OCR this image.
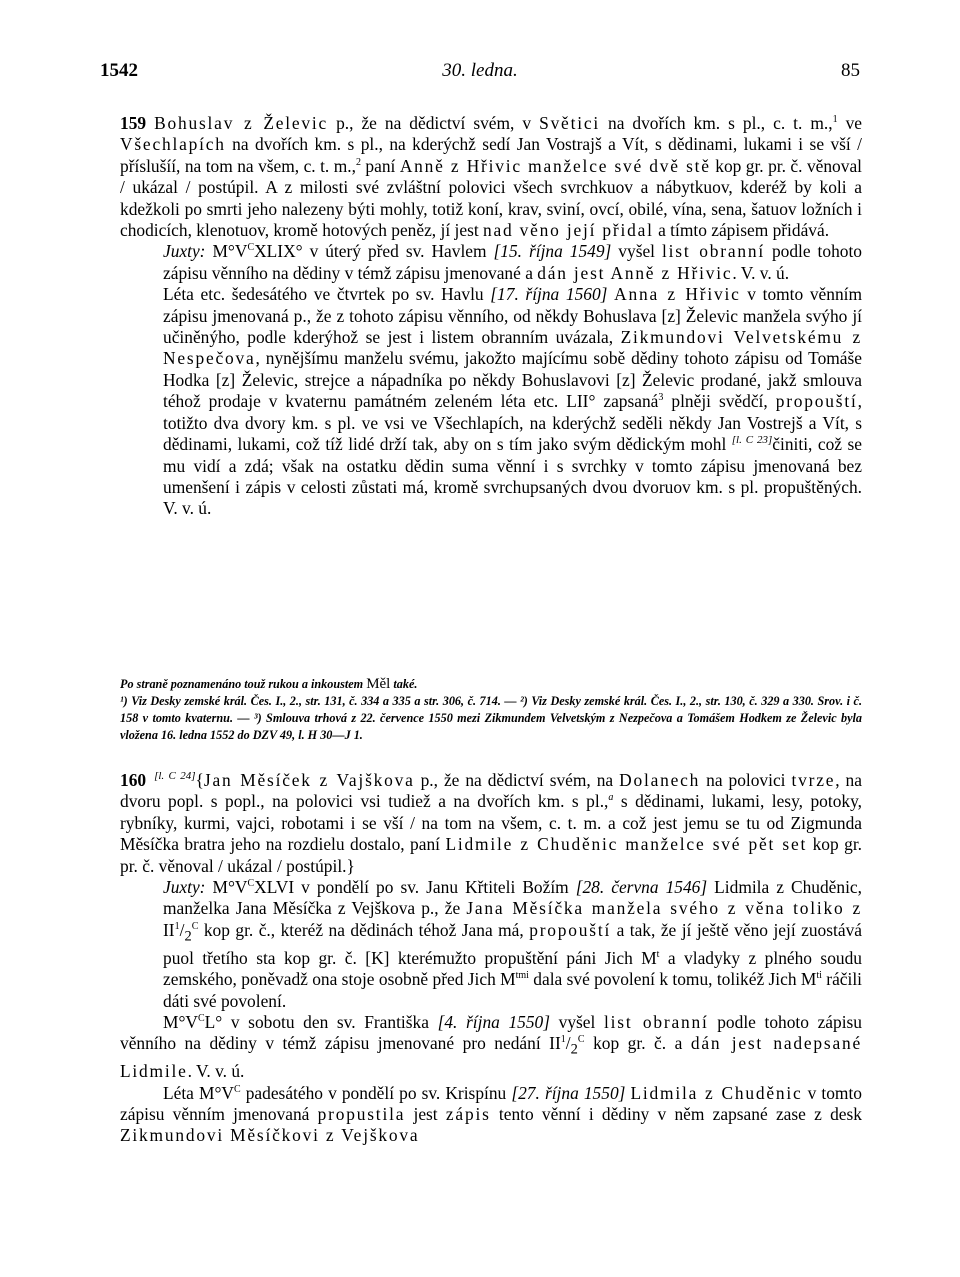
1542	30. ledna.	85

159 Bohuslav z Želevic p., že na dědictví svém, v Světici na dvořích km. s pl., c. t. m.,$^1$ ve Všechlapích na dvořích km. s pl., na kderýchž sedí Jan Vostrajš a Vít, s dědinami, lukami i se vší / příslušíí, na tom na všem, c. t. m.,$^2$ paní Anně z Hřivic manželce své dvě stě kop gr. pr. č. věnoval / ukázal / postúpil. A z milosti své zvláštní polovici všech svrchkuov a nábytkuov, kderéž by koli a kdežkoli po smrti jeho nalezeny býti mohly, totiž koní, krav, sviní, ovcí, obilé, vína, sena, šatuov ložních i chodicích, klenotuov, kromě hotových peněz, jí jest nad věno její přidal a tímto zápisem přidává.

Juxty: $M^\circ V^CXLIX^\circ$ v úterý před sv. Havlem [15. října 1549] vyšel list obranní podle tohoto zápisu věnního na dědiny v témž zápisu jmenované a dán jest Anně z Hřivic. V. v. ú.

Léta etc. šedesátého ve čtvrtek po sv. Havlu [17. října 1560] Anna z Hřivic v tomto věnním zápisu jmenovaná p., že z tohoto zápisu věnního, od někdy Bohuslava [z] Želevic manžela svýho jí učiněnýho, podle kderýhož se jest i listem obranním uvázala, Zikmundovi Velvetskému z Nespečova, nynějšímu manželu svému, jakožto majícímu sobě dědiny tohoto zápisu od Tomáše Hodka [z] Želevic, strejce a nápadníka po někdy Bohuslavovi [z] Želevic prodané, jakž smlouva téhož prodaje v kvaternu památném zeleném léta etc. LII° zapsaná$^3$ plněji svědčí, propouští, totižto dva dvory km. s pl. ve vsi ve Všechlapích, na kderýchž seděli někdy Jan Vostrejš a Vít, s dědinami, lukami, což tíž lidé drží tak, aby on s tím jako svým dědickým mohl [l. C 23]činiti, což se mu vidí a zdá; však na ostatku dědin suma věnní i s svrchky v tomto zápisu jmenovaná bez umenšení i zápis v celosti zůstati má, kromě svrchupsaných dvou dvoruov km. s pl. propuštěných. V. v. ú.

Po straně poznamenáno touž rukou a inkoustem Měl také.

¹) Viz Desky zemské král. Čes. I., 2., str. 131, č. 334 a 335 a str. 306, č. 714. — ²) Viz Desky zemské král. Čes. I., 2., str. 130, č. 329 a 330. Srov. i č. 158 v tomto kvaternu. — ³) Smlouva trhová z 22. července 1550 mezi Zikmundem Velvetským z Nezpečova a Tomášem Hodkem ze Želevic byla vložena 16. ledna 1552 do DZV 49, l. H 30—J 1.

160 [l. C 24]{Jan Měsíček z Vajškova p., že na dědictví svém, na Dolanech na polovici tvrze, na dvoru popl. s popl., na polovici vsi tudiež a na dvořích km. s pl.,$^a$ s dědinami, lukami, lesy, potoky, rybníky, kurmi, vajci, robotami i se vší / na tom na všem, c. t. m. a což jest jemu se tu od Zigmunda Měsíčka bratra jeho na rozdielu dostalo, paní Lidmile z Chuděnic manželce své pět set kop gr. pr. č. věnoval / ukázal / postúpil.}

Juxty: $M^\circ V^CXLVI$ v pondělí po sv. Janu Křtiteli Božím [28. června 1546] Lidmila z Chuděnic, manželka Jana Měsíčka z Vejškova p., že Jana Měsíčka manžela svého z věna toliko z $II^1/_2^C$ kop gr. č., kteréž na dědinách téhož Jana má, propouští a tak, že jí ještě věno její zuostává puol třetího sta kop gr. č. [K] kterémužto propuštění páni Jich $M^t$ a vladyky z plného soudu zemského, poněvadž ona stoje osobně před Jich $M^{tmi}$ dala své povolení k tomu, tolikéž Jich $M^{ti}$ ráčili dáti své povolení.

$M^\circ V^CL^\circ$ v sobotu den sv. Františka [4. října 1550] vyšel list obranní podle tohoto zápisu věnního na dědiny v témž zápisu jmenované pro nedání $II^1/_2^C$ kop gr. č. a dán jest nadepsané Lidmile. V. v. ú.

Léta $M^\circ V^C$ padesátého v pondělí po sv. Krispínu [27. října 1550] Lidmila z Chuděnic v tomto zápisu věnním jmenovaná propustila jest zápis tento věnní i dědiny v něm zapsané zase z desk Zikmundovi Měsíčkovi z Vejškova
